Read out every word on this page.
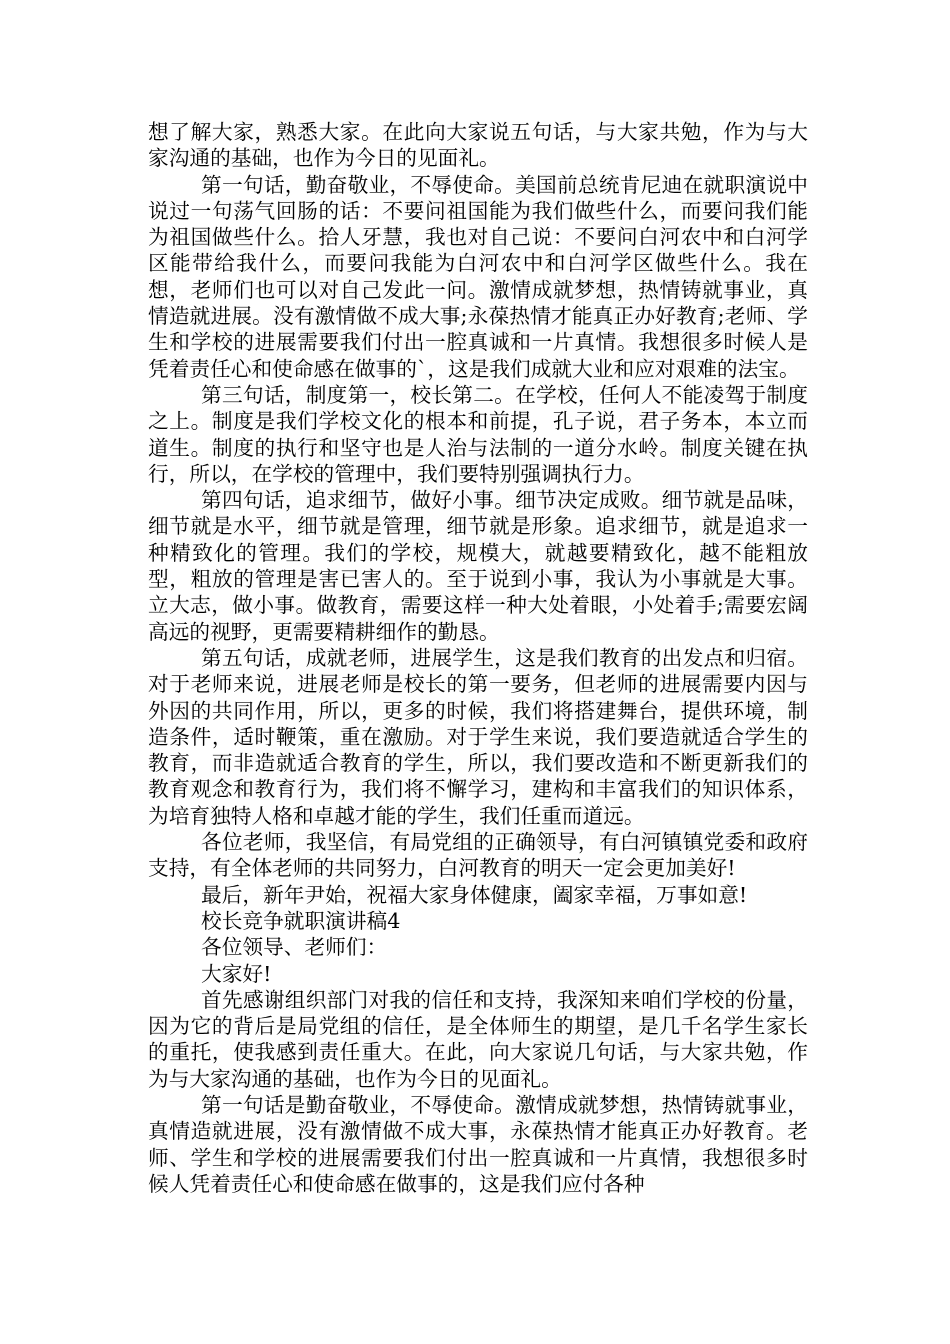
想了解大家，熟悉大家。在此向大家说五句话，与大家共勉，作为与大家沟通的基础，也作为今日的见面礼。

第一句话，勤奋敬业，不辱使命。美国前总统肯尼迪在就职演说中说过一句荡气回肠的话：不要问祖国能为我们做些什么，而要问我们能为祖国做些什么。拾人牙慧，我也对自己说：不要问白河农中和白河学区能带给我什么，而要问我能为白河农中和白河学区做些什么。我在想，老师们也可以对自己发此一问。激情成就梦想，热情铸就事业，真情造就进展。没有激情做不成大事;永葆热情才能真正办好教育;老师、学生和学校的进展需要我们付出一腔真诚和一片真情。我想很多时候人是凭着责任心和使命感在做事的`，这是我们成就大业和应对艰难的法宝。

第三句话，制度第一，校长第二。在学校，任何人不能凌驾于制度之上。制度是我们学校文化的根本和前提，孔子说，君子务本，本立而道生。制度的执行和坚守也是人治与法制的一道分水岭。制度关键在执行，所以，在学校的管理中，我们要特别强调执行力。

第四句话，追求细节，做好小事。细节决定成败。细节就是品味，细节就是水平，细节就是管理，细节就是形象。追求细节，就是追求一种精致化的管理。我们的学校，规模大，就越要精致化，越不能粗放型，粗放的管理是害已害人的。至于说到小事，我认为小事就是大事。立大志，做小事。做教育，需要这样一种大处着眼，小处着手;需要宏阔高远的视野，更需要精耕细作的勤恳。

第五句话，成就老师，进展学生，这是我们教育的出发点和归宿。对于老师来说，进展老师是校长的第一要务，但老师的进展需要内因与外因的共同作用，所以，更多的时候，我们将搭建舞台，提供环境，制造条件，适时鞭策，重在激励。对于学生来说，我们要造就适合学生的教育，而非造就适合教育的学生，所以，我们要改造和不断更新我们的教育观念和教育行为，我们将不懈学习，建构和丰富我们的知识体系，为培育独特人格和卓越才能的学生，我们任重而道远。

各位老师，我坚信，有局党组的正确领导，有白河镇镇党委和政府支持，有全体老师的共同努力，白河教育的明天一定会更加美好!

最后，新年尹始，祝福大家身体健康，阖家幸福，万事如意!

校长竞争就职演讲稿4

各位领导、老师们：

大家好!

首先感谢组织部门对我的信任和支持，我深知来咱们学校的份量，因为它的背后是局党组的信任，是全体师生的期望，是几千名学生家长的重托，使我感到责任重大。在此，向大家说几句话，与大家共勉，作为与大家沟通的基础，也作为今日的见面礼。

第一句话是勤奋敬业，不辱使命。激情成就梦想，热情铸就事业，真情造就进展，没有激情做不成大事，永葆热情才能真正办好教育。老师、学生和学校的进展需要我们付出一腔真诚和一片真情，我想很多时候人凭着责任心和使命感在做事的，这是我们应付各种
